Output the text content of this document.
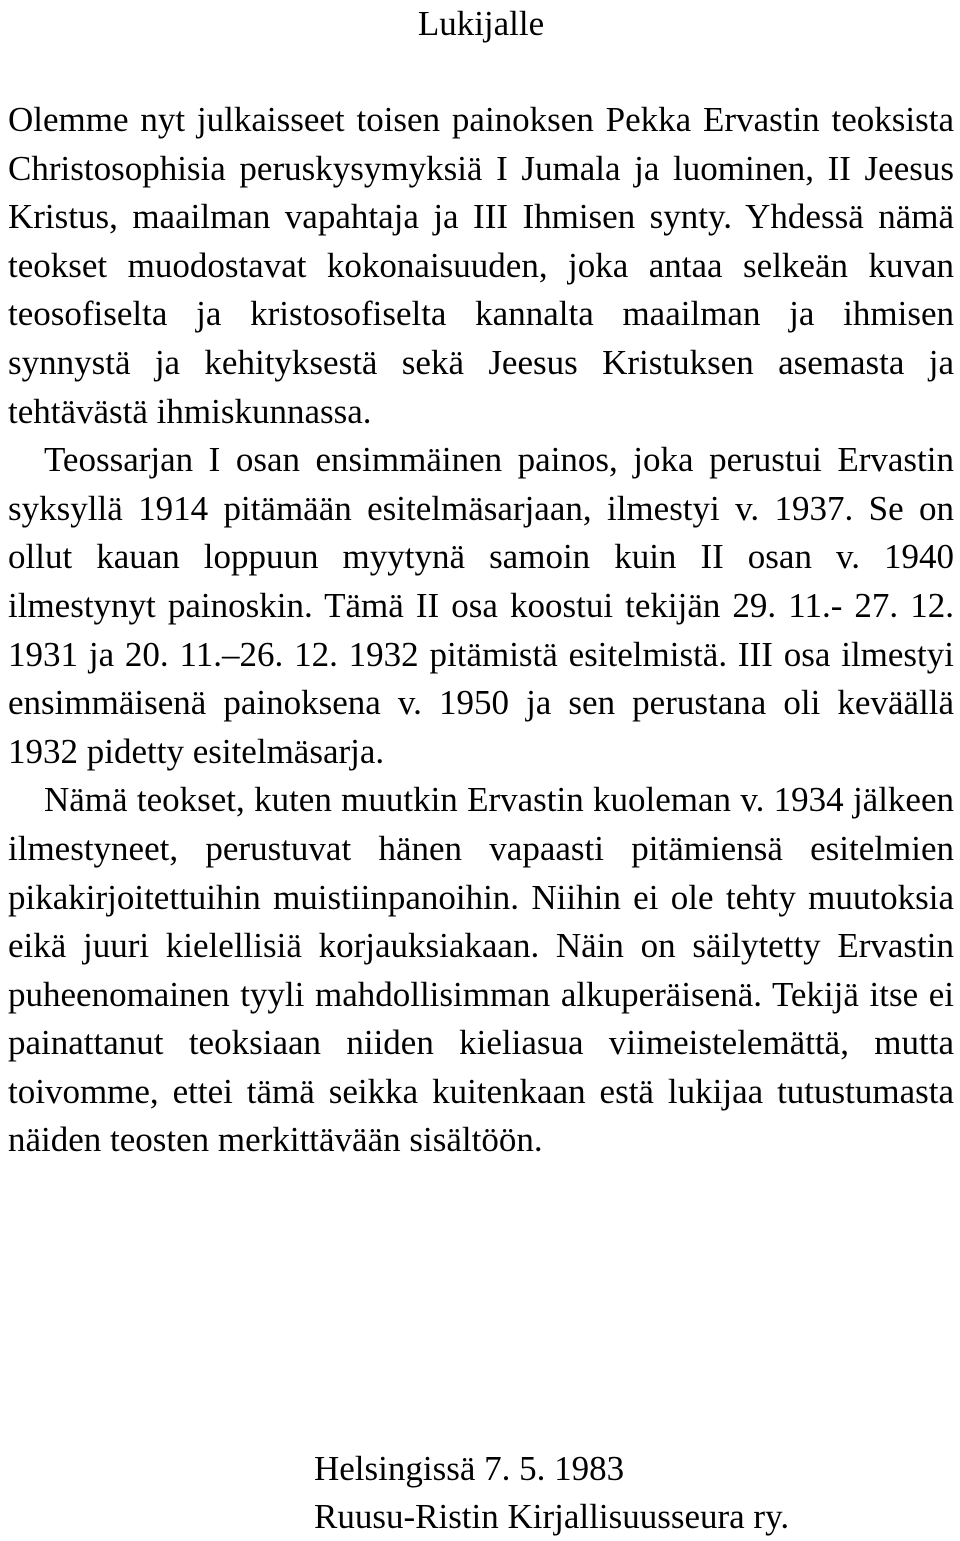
Lukijalle

Olemme nyt julkaisseet toisen painoksen Pekka Ervastin teoksista Christosophisia peruskysymyksiä I Jumala ja luominen, II Jeesus Kristus, maailman vapahtaja ja III Ihmisen synty. Yhdessä nämä teokset muodostavat kokonaisuuden, joka antaa selkeän kuvan teosofiselta ja kristosofiselta kannalta maailman ja ihmisen synnystä ja kehityksestä sekä Jeesus Kristuksen asemasta ja tehtävästä ihmiskunnassa.

Teossarjan I osan ensimmäinen painos, joka perustui Ervastin syksyllä 1914 pitämään esitelmäsarjaan, ilmestyi v. 1937. Se on ollut kauan loppuun myytynä samoin kuin II osan v. 1940 ilmestynyt painoskin. Tämä II osa koostui tekijän 29. 11.- 27. 12. 1931 ja 20. 11.–26. 12. 1932 pitämistä esitelmistä. III osa ilmestyi ensimmäisenä painoksena v. 1950 ja sen perustana oli keväällä 1932 pidetty esitelmäsarja.

Nämä teokset, kuten muutkin Ervastin kuoleman v. 1934 jälkeen ilmestyneet, perustuvat hänen vapaasti pitämiensä esitelmien pikakirjoitettuihin muistiinpanoihin. Niihin ei ole tehty muutoksia eikä juuri kielellisiä korjauksiakaan. Näin on säilytetty Ervastin puheenomainen tyyli mahdollisimman alkuperäisenä. Tekijä itse ei painattanut teoksiaan niiden kieliasua viimeistelemättä, mutta toivomme, ettei tämä seikka kuitenkaan estä lukijaa tutustumasta näiden teosten merkittävään sisältöön.

Helsingissä 7. 5. 1983
Ruusu-Ristin Kirjallisuusseura ry.
